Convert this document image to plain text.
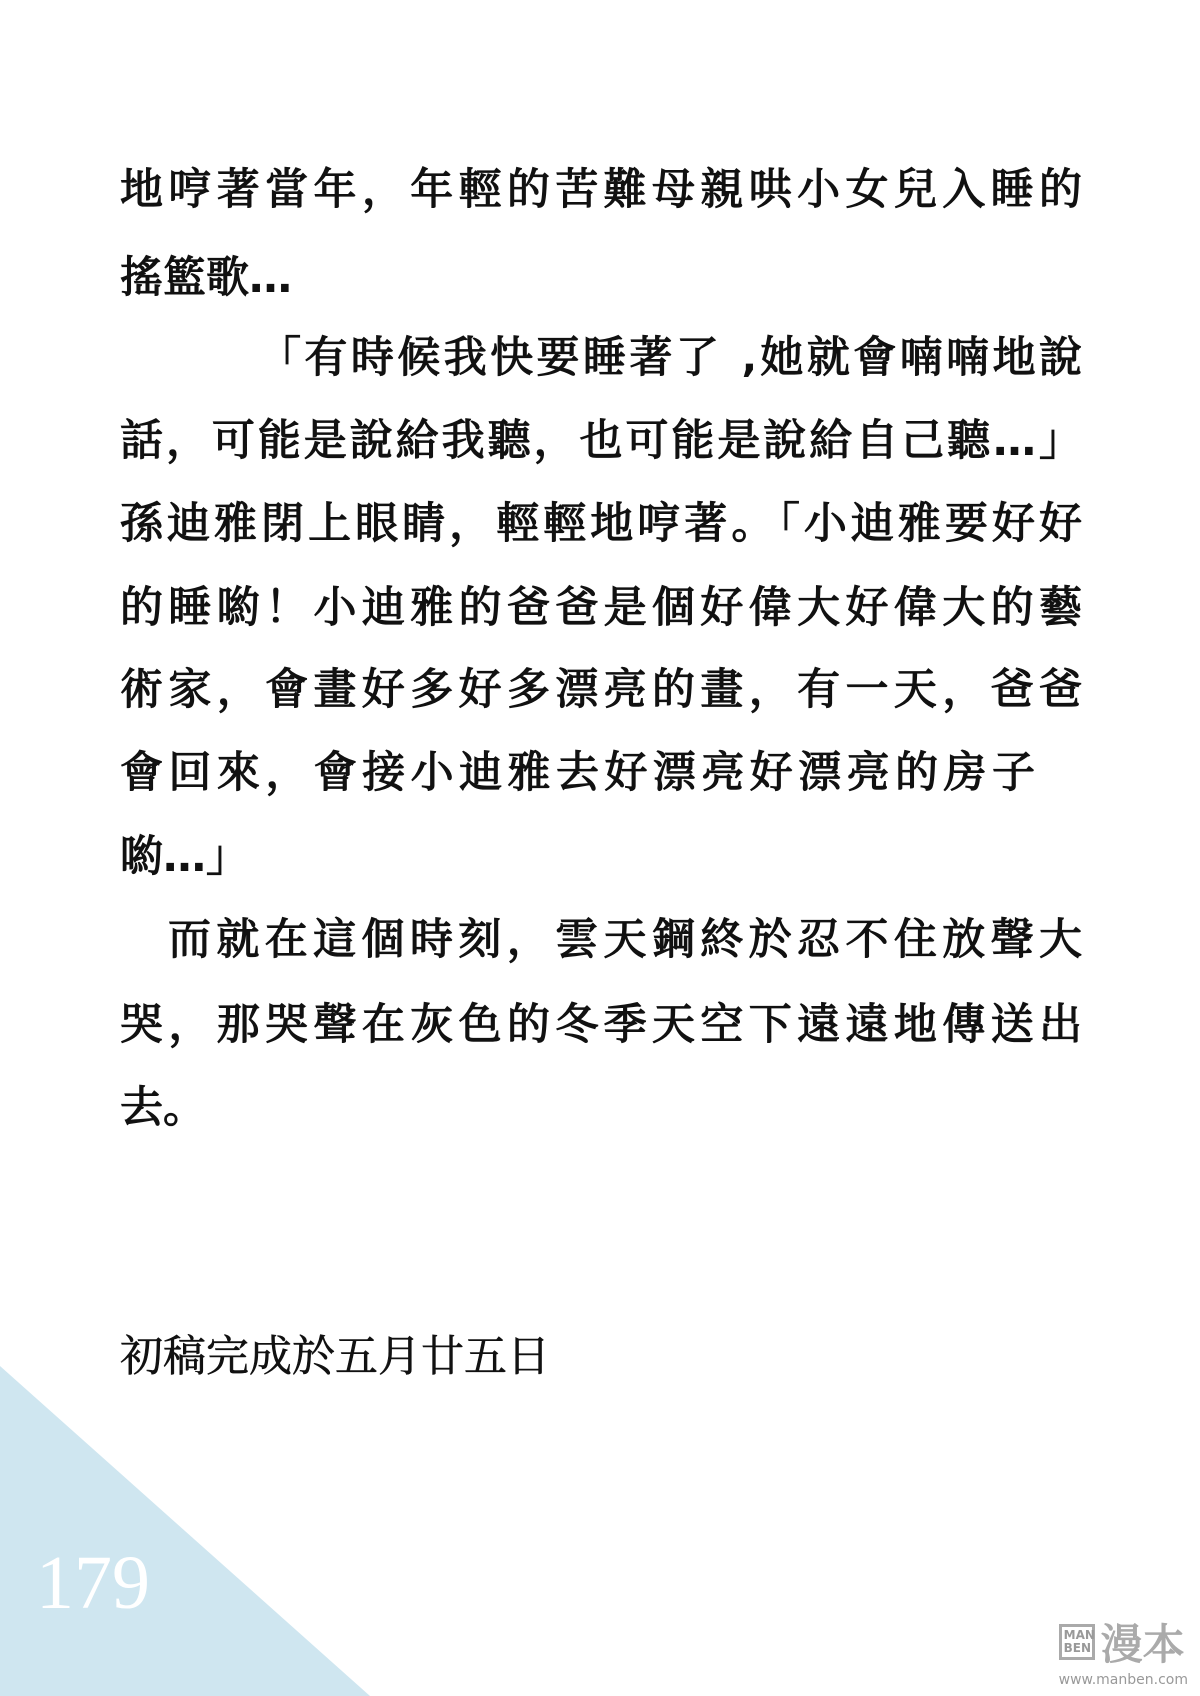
地哼著當年，年輕的苦難母親哄小女兒入睡的
搖籃歌…
「有時候我快要睡著了 ‚她就會喃喃地說
話，可能是說給我聽，也可能是說給自己聽…」
孫迪雅閉上眼睛，輕輕地哼著。「小迪雅要好好
的睡喲！小迪雅的爸爸是個好偉大好偉大的藝
術家，會畫好多好多漂亮的畫，有一天，爸爸
會回來，會接小迪雅去好漂亮好漂亮的房子
喲…」
而就在這個時刻，雲天鋼終於忍不住放聲大
哭，那哭聲在灰色的冬季天空下遠遠地傳送出
去。
初稿完成於五月廿五日
179
MAN BEN 漫本
www.manben.com
